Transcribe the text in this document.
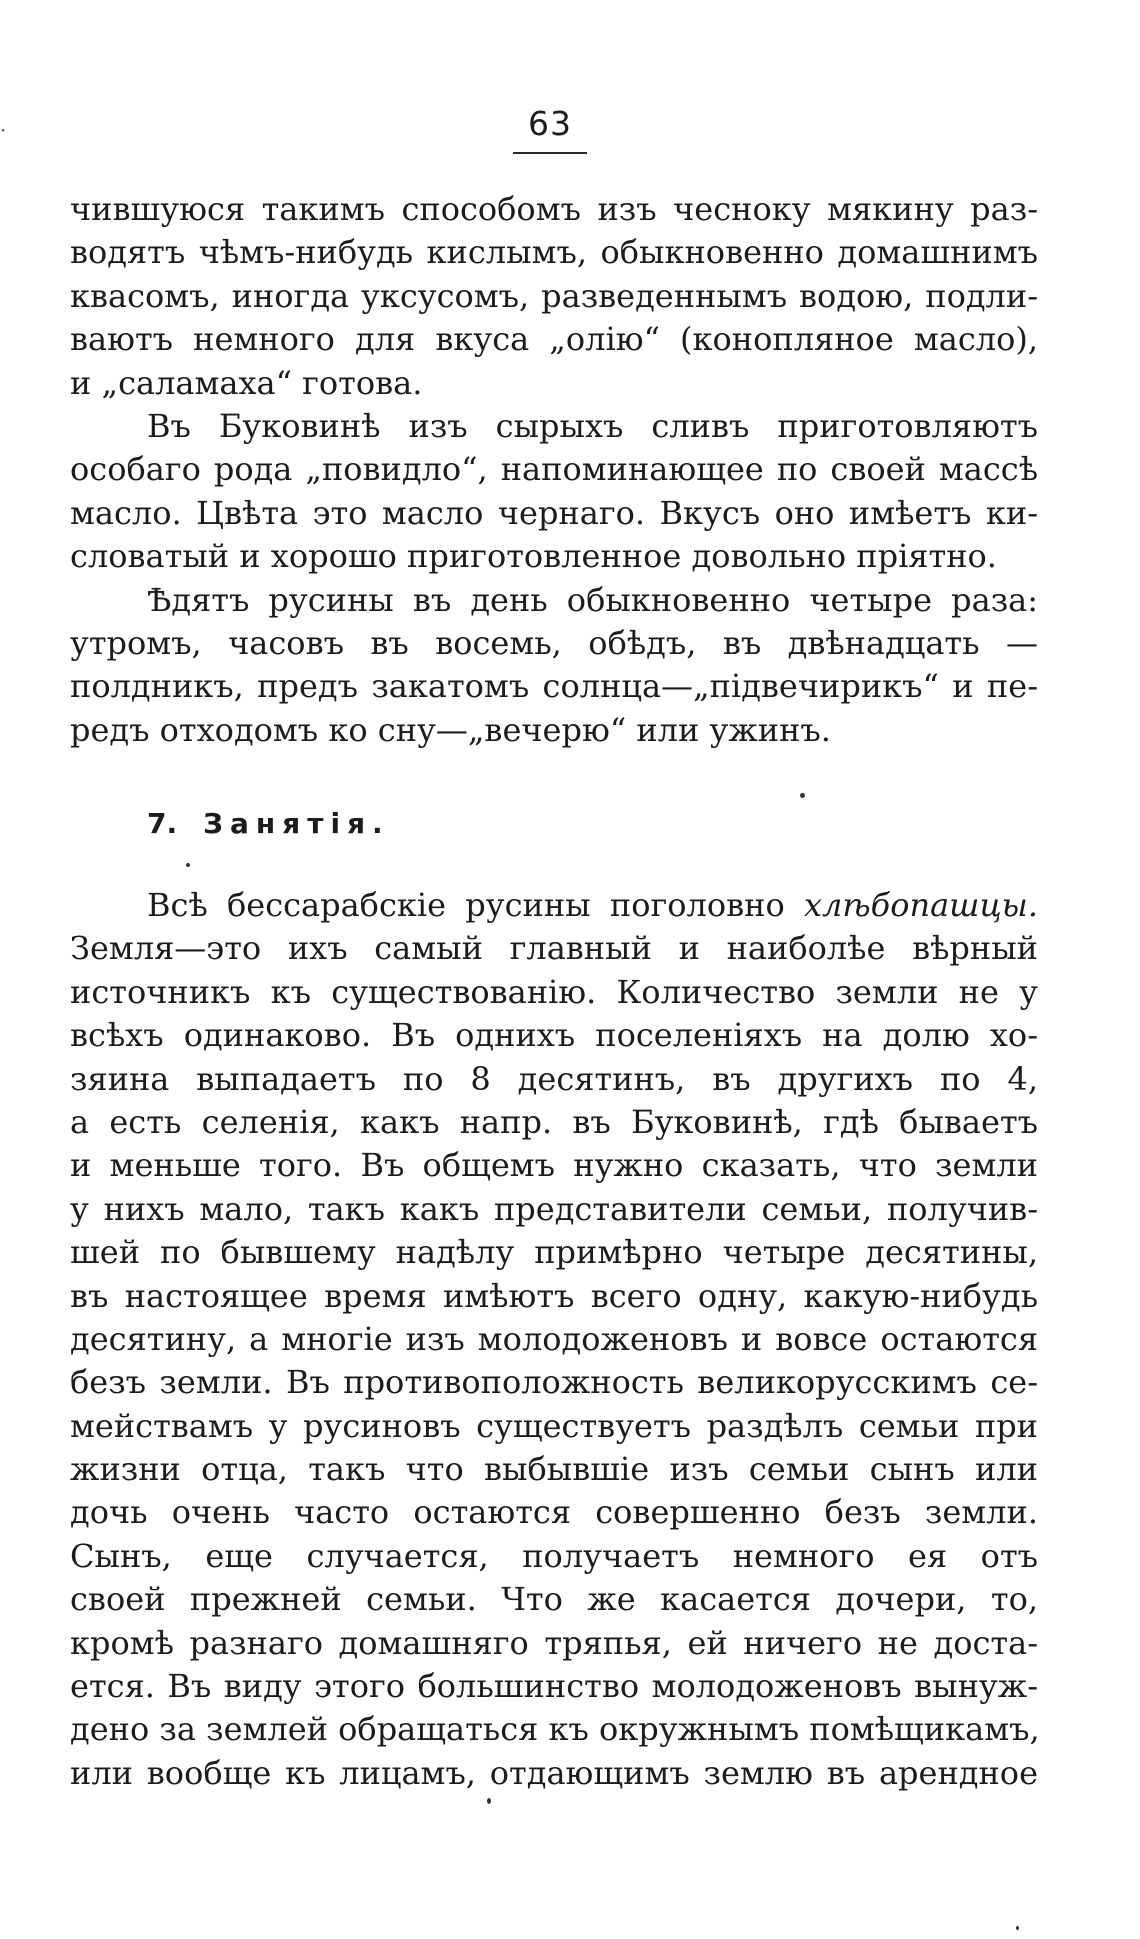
·	63
чившуюся такимъ способомъ изъ чесноку мякину раз-
водятъ чѣмъ-нибудь кислымъ, обыкновенно домашнимъ
квасомъ, иногда уксусомъ, разведеннымъ водою, подли-
ваютъ немного для вкуса „олію“ (конопляное масло),
и „саламаха“ готова.
Въ Буковинѣ изъ сырыхъ сливъ приготовляютъ
особаго рода „повидло“, напоминающее по своей массѣ
масло. Цвѣта это масло чернаго. Вкусъ оно имѣетъ ки-
словатый и хорошо приготовленное довольно пріятно.
Ѣдятъ русины въ день обыкновенно четыре раза:
утромъ, часовъ въ восемь, обѣдъ, въ двѣнадцать —
полдникъ, предъ закатомъ солнца—„підвечирикъ“ и пе-
редъ отходомъ ко сну—„вечерю“ или ужинъ.
7. Занятія.
Всѣ бессарабскіе русины поголовно хлѣбопашцы.
Земля—это ихъ самый главный и наиболѣе вѣрный
источникъ къ существованію. Количество земли не у
всѣхъ одинаково. Въ однихъ поселеніяхъ на долю хо-
зяина выпадаетъ по 8 десятинъ, въ другихъ по 4,
а есть селенія, какъ напр. въ Буковинѣ, гдѣ бываетъ
и меньше того. Въ общемъ нужно сказать, что земли
у нихъ мало, такъ какъ представители семьи, получив-
шей по бывшему надѣлу примѣрно четыре десятины,
въ настоящее время имѣютъ всего одну, какую-нибудь
десятину, а многіе изъ молодоженовъ и вовсе остаются
безъ земли. Въ противоположность великорусскимъ се-
мействамъ у русиновъ существуетъ раздѣлъ семьи при
жизни отца, такъ что выбывшіе изъ семьи сынъ или
дочь очень часто остаются совершенно безъ земли.
Сынъ, еще случается, получаетъ немного ея отъ
своей прежней семьи. Что же касается дочери, то,
кромѣ разнаго домашняго тряпья, ей ничего не доста-
ется. Въ виду этого большинство молодоженовъ вынуж-
дено за землей обращаться къ окружнымъ помѣщикамъ,
или вообще къ лицамъ, отдающимъ землю въ арендное
